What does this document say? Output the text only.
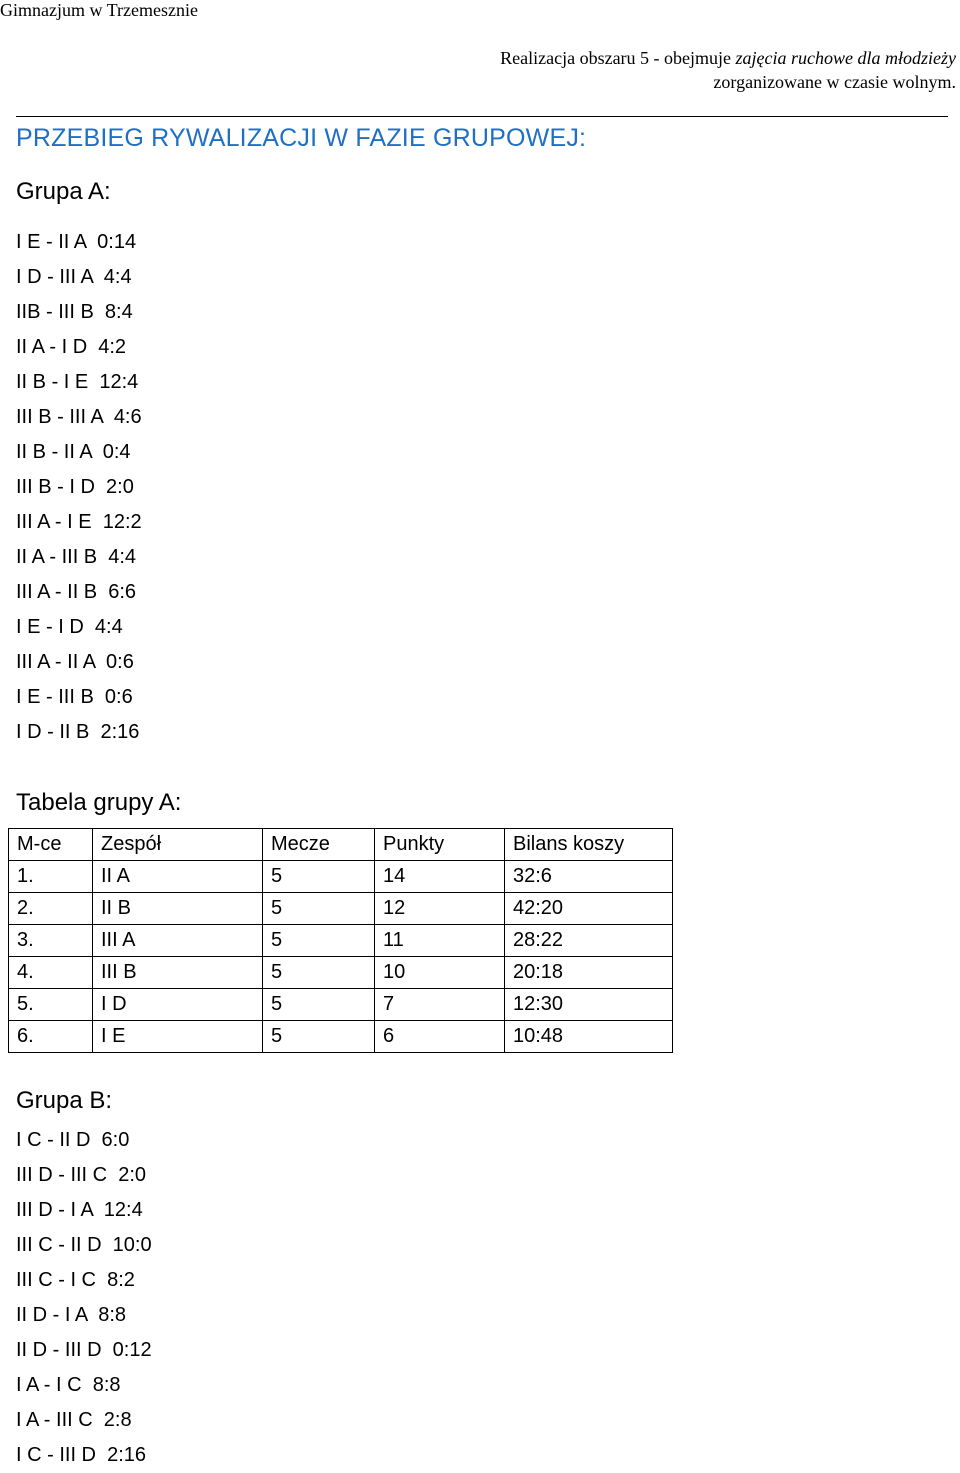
Gimnazjum w Trzemesznie
Realizacja obszaru 5 - obejmuje zajęcia ruchowe dla młodzieży
zorganizowane w czasie wolnym.
PRZEBIEG RYWALIZACJI W FAZIE GRUPOWEJ:
Grupa A:
I E - II A  0:14
I D - III A  4:4
IIB - III B  8:4
II A - I D  4:2
II B - I E  12:4
III B - III A  4:6
II B - II A  0:4
III B - I D  2:0
III A - I E  12:2
II A - III B  4:4
III A - II B  6:6
I E - I D  4:4
III A - II A  0:6
I E - III B  0:6
I D - II B  2:16
Tabela grupy A:
M-ce	Zespół	Mecze	Punkty	Bilans koszy
1.	II A	5	14	32:6
2.	II B	5	12	42:20
3.	III A	5	11	28:22
4.	III B	5	10	20:18
5.	I D	5	7	12:30
6.	I E	5	6	10:48
Grupa B:
I C - II D  6:0
III D - III C  2:0
III D - I A  12:4
III C - II D  10:0
III C - I C  8:2
II D - I A  8:8
II D - III D  0:12
I A - I C  8:8
I A - III C  2:8
I C - III D  2:16
